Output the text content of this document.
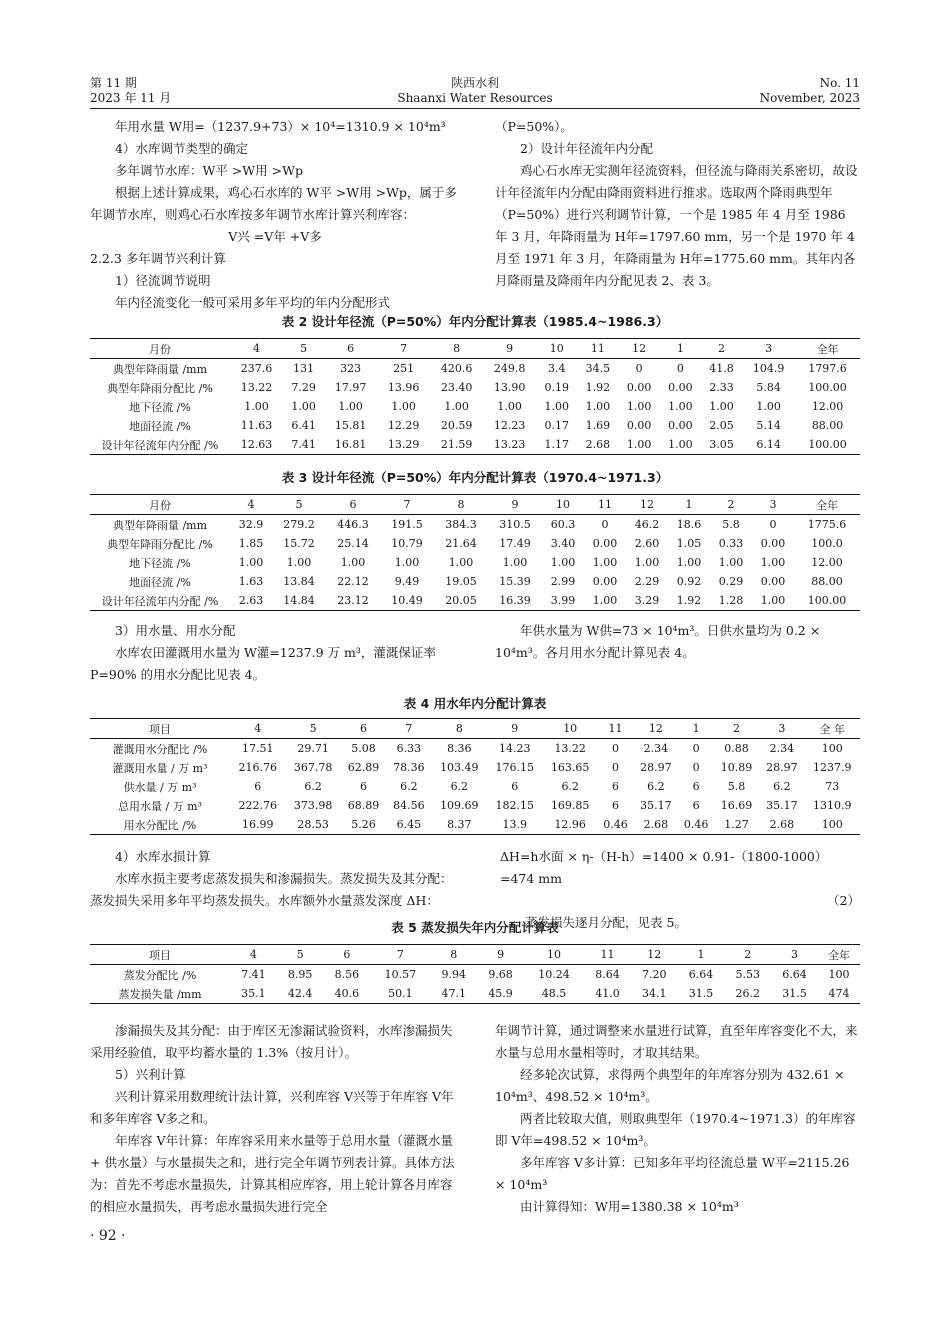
第 11 期
2023 年 11 月
陕西水利
Shaanxi Water Resources
No. 11
November, 2023

年用水量 W用=（1237.9+73）× 10⁴=1310.9 × 10⁴m³

4）水库调节类型的确定

多年调节水库：W平 >W用 >Wp

根据上述计算成果，鸡心石水库的 W平 >W用 >Wp，属于多年调节水库，则鸡心石水库按多年调节水库计算兴利库容：

V兴 =V年 +V多

2.2.3 多年调节兴利计算

1）径流调节说明

年内径流变化一般可采用多年平均的年内分配形式

（P=50%）。

2）设计年径流年内分配

鸡心石水库无实测年径流资料，但径流与降雨关系密切，故设计年径流年内分配由降雨资料进行推求。选取两个降雨典型年（P=50%）进行兴利调节计算，一个是 1985 年 4 月至 1986 年 3 月，年降雨量为 H年=1797.60 mm，另一个是 1970 年 4 月至 1971 年 3 月，年降雨量为 H年=1775.60 mm。其年内各月降雨量及降雨年内分配见表 2、表 3。

表 2 设计年径流（P=50%）年内分配计算表（1985.4~1986.3）
月份	4	5	6	7	8	9	10	11	12	1	2	3	全年
典型年降雨量 /mm	237.6	131	323	251	420.6	249.8	3.4	34.5	0	0	41.8	104.9	1797.6
典型年降雨分配比 /%	13.22	7.29	17.97	13.96	23.40	13.90	0.19	1.92	0.00	0.00	2.33	5.84	100.00
地下径流 /%	1.00	1.00	1.00	1.00	1.00	1.00	1.00	1.00	1.00	1.00	1.00	1.00	12.00
地面径流 /%	11.63	6.41	15.81	12.29	20.59	12.23	0.17	1.69	0.00	0.00	2.05	5.14	88.00
设计年径流年内分配 /%	12.63	7.41	16.81	13.29	21.59	13.23	1.17	2.68	1.00	1.00	3.05	6.14	100.00
表 3 设计年径流（P=50%）年内分配计算表（1970.4~1971.3）
月份	4	5	6	7	8	9	10	11	12	1	2	3	全年
典型年降雨量 /mm	32.9	279.2	446.3	191.5	384.3	310.5	60.3	0	46.2	18.6	5.8	0	1775.6
典型年降雨分配比 /%	1.85	15.72	25.14	10.79	21.64	17.49	3.40	0.00	2.60	1.05	0.33	0.00	100.0
地下径流 /%	1.00	1.00	1.00	1.00	1.00	1.00	1.00	1.00	1.00	1.00	1.00	1.00	12.00
地面径流 /%	1.63	13.84	22.12	9.49	19.05	15.39	2.99	0.00	2.29	0.92	0.29	0.00	88.00
设计年径流年内分配 /%	2.63	14.84	23.12	10.49	20.05	16.39	3.99	1.00	3.29	1.92	1.28	1.00	100.00

3）用水量、用水分配

水库农田灌溉用水量为 W灌=1237.9 万 m³，灌溉保证率 P=90% 的用水分配比见表 4。

年供水量为 W供=73 × 10⁴m³。日供水量均为 0.2 × 10⁴m³。各月用水分配计算见表 4。

表 4 用水年内分配计算表
项目	4	5	6	7	8	9	10	11	12	1	2	3	全 年
灌溉用水分配比 /%	17.51	29.71	5.08	6.33	8.36	14.23	13.22	0	2.34	0	0.88	2.34	100
灌溉用水量 / 万 m³	216.76	367.78	62.89	78.36	103.49	176.15	163.65	0	28.97	0	10.89	28.97	1237.9
供水量 / 万 m³	6	6.2	6	6.2	6.2	6	6.2	6	6.2	6	5.8	6.2	73
总用水量 / 万 m³	222.76	373.98	68.89	84.56	109.69	182.15	169.85	6	35.17	6	16.69	35.17	1310.9
用水分配比 /%	16.99	28.53	5.26	6.45	8.37	13.9	12.96	0.46	2.68	0.46	1.27	2.68	100

4）水库水损计算

水库水损主要考虑蒸发损失和渗漏损失。蒸发损失及其分配：蒸发损失采用多年平均蒸发损失。水库额外水量蒸发深度 ΔH：

ΔH=h水面 × η-（H-h）=1400 × 0.91-（1800-1000）=474 mm
（2）
蒸发损失逐月分配，见表 5。
表 5 蒸发损失年内分配计算表
项目	4	5	6	7	8	9	10	11	12	1	2	3	全年
蒸发分配比 /%	7.41	8.95	8.56	10.57	9.94	9.68	10.24	8.64	7.20	6.64	5.53	6.64	100
蒸发损失量 /mm	35.1	42.4	40.6	50.1	47.1	45.9	48.5	41.0	34.1	31.5	26.2	31.5	474

渗漏损失及其分配：由于库区无渗漏试验资料，水库渗漏损失采用经验值，取平均蓄水量的 1.3%（按月计）。

5）兴利计算

兴利计算采用数理统计法计算，兴利库容 V兴等于年库容 V年和多年库容 V多之和。

年库容 V年计算：年库容采用来水量等于总用水量（灌溉水量 + 供水量）与水量损失之和，进行完全年调节列表计算。具体方法为：首先不考虑水量损失，计算其相应库容，用上轮计算各月库容的相应水量损失，再考虑水量损失进行完全

年调节计算，通过调整来水量进行试算，直至年库容变化不大，来水量与总用水量相等时，才取其结果。

经多轮次试算，求得两个典型年的年库容分别为 432.61 × 10⁴m³、498.52 × 10⁴m³。

两者比较取大值，则取典型年（1970.4~1971.3）的年库容即 V年=498.52 × 10⁴m³。

多年库容 V多计算：已知多年平均径流总量 W平=2115.26 × 10⁴m³

由计算得知：W用=1380.38 × 10⁴m³

· 92 ·
